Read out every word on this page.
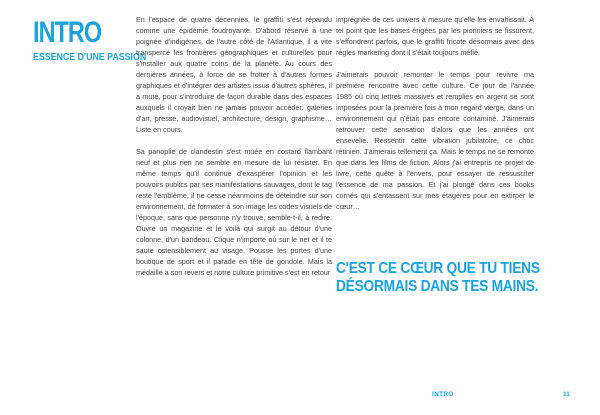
INTRO
ESSENCE D'UNE PASSION

En l'espace de quatre décennies, le graffiti s'est répandu comme une épidémie foudroyante. D'abord réservé à une poignée d'indigènes, de l'autre côté de l'Atlantique, il a vite transpercé les frontières géographiques et culturelles pour s'installer aux quatre coins de la planète. Au cours des dernières années, à force de se frotter à d'autres formes graphiques et d'intégrer des artistes issus d'autres sphères, il a muté, pour s'introduire de façon durable dans des espaces auxquels il croyait bien ne jamais pouvoir accéder: galeries d'art, presse, audiovisuel, architecture, design, graphisme… Liste en cours.

Sa panoplie de clandestin s'est muée en costard flambant neuf et plus rien ne semble en mesure de lui résister. En même temps qu'il continue d'exaspérer l'opinion et les pouvoirs publics par ses manifestations sauvages, dont le tag reste l'emblème, il ne cesse néanmoins de déteindre sur son environnement, de formater à son image les codes visuels de l'époque, sans que personne n'y trouve, semble-t-il, à redire. Ouvre un magazine et le voilà qui surgit au détour d'une colonne, d'un bandeau. Clique n'importe où sur le net et il te saute ostensiblement au visage. Pousse les portes d'une boutique de sport et il parade en tête de gondole. Mais la médaille a son revers et notre culture primitive s'est en retour

imprégnée de ces univers à mesure qu'elle les envahissait. À tel point que les bases érigées par les pionniers se fissurent, s'effondrent parfois, que le graffiti fricote désormais avec des règles marketing dont il s'était toujours méfié.

J'aimerais pouvoir remonter le temps pour revivre ma première rencontre avec cette culture. Ce jour de l'année 1985 où cinq lettres massives et remplies en argent se sont imposées pour la première fois à mon regard vierge, dans un environnement qui n'était pas encore contaminé. J'aimerais retrouver cette sensation d'alors que les années ont ensevelie. Ressentir cette vibration jubilatoire, ce choc rétinien. J'aimerais tellement ça. Mais le temps ne se remonte que dans les films de fiction. Alors j'ai entrepris ce projet de livre, cette quête à l'envers, pour essayer de ressusciter l'essence de ma passion. Et j'ai plongé dans ces books cornés qui s'entassent sur mes étagères pour en extirper le cœur…

C'EST CE CŒUR QUE TU TIENS
DÉSORMAIS DANS TES MAINS.
INTRO	11
